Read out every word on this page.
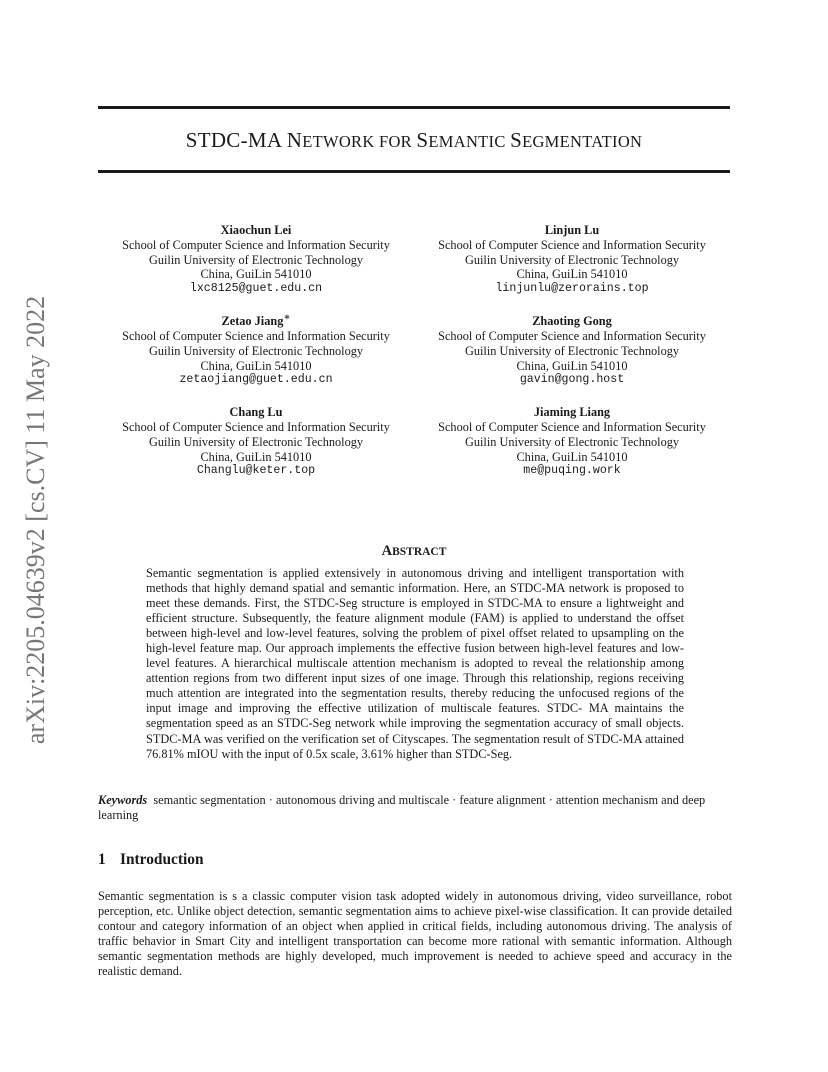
arXiv:2205.04639v2 [cs.CV] 11 May 2022
STDC-MA NETWORK FOR SEMANTIC SEGMENTATION
Xiaochun Lei
School of Computer Science and Information Security
Guilin University of Electronic Technology
China, GuiLin 541010
lxc8125@guet.edu.cn
Linjun Lu
School of Computer Science and Information Security
Guilin University of Electronic Technology
China, GuiLin 541010
linjunlu@zerorains.top
Zetao Jiang∗
School of Computer Science and Information Security
Guilin University of Electronic Technology
China, GuiLin 541010
zetaojiang@guet.edu.cn
Zhaoting Gong
School of Computer Science and Information Security
Guilin University of Electronic Technology
China, GuiLin 541010
gavin@gong.host
Chang Lu
School of Computer Science and Information Security
Guilin University of Electronic Technology
China, GuiLin 541010
Changlu@keter.top
Jiaming Liang
School of Computer Science and Information Security
Guilin University of Electronic Technology
China, GuiLin 541010
me@puqing.work
ABSTRACT

Semantic segmentation is applied extensively in autonomous driving and intelligent transportation with methods that highly demand spatial and semantic information. Here, an STDC-MA network is proposed to meet these demands. First, the STDC-Seg structure is employed in STDC-MA to ensure a lightweight and efficient structure. Subsequently, the feature alignment module (FAM) is applied to understand the offset between high-level and low-level features, solving the problem of pixel offset related to upsampling on the high-level feature map. Our approach implements the effective fusion between high-level features and low-level features. A hierarchical multiscale attention mechanism is adopted to reveal the relationship among attention regions from two different input sizes of one image. Through this relationship, regions receiving much attention are integrated into the segmentation results, thereby reducing the unfocused regions of the input image and improving the effective utilization of multiscale features. STDC- MA maintains the segmentation speed as an STDC-Seg network while improving the segmentation accuracy of small objects. STDC-MA was verified on the verification set of Cityscapes. The segmentation result of STDC-MA attained 76.81% mIOU with the input of 0.5x scale, 3.61% higher than STDC-Seg.

Keywords semantic segmentation · autonomous driving and multiscale · feature alignment · attention mechanism and deep learning

1 Introduction

Semantic segmentation is s a classic computer vision task adopted widely in autonomous driving, video surveillance, robot perception, etc. Unlike object detection, semantic segmentation aims to achieve pixel-wise classification. It can provide detailed contour and category information of an object when applied in critical fields, including autonomous driving. The analysis of traffic behavior in Smart City and intelligent transportation can become more rational with semantic information. Although semantic segmentation methods are highly developed, much improvement is needed to achieve speed and accuracy in the realistic demand.
